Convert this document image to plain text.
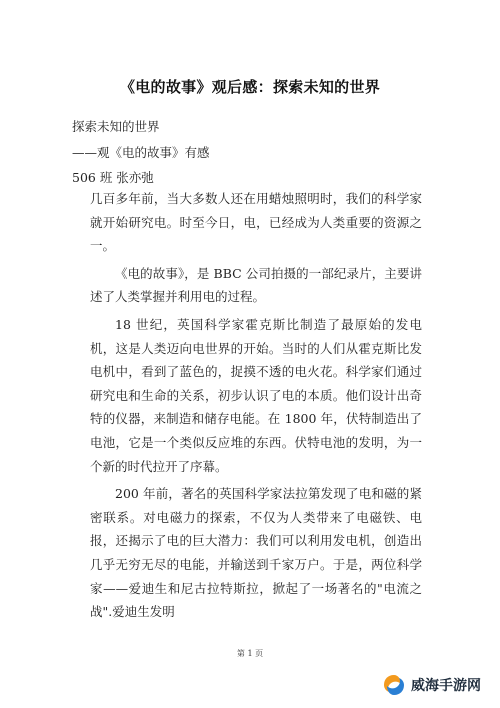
《电的故事》观后感：探索未知的世界
探索未知的世界
——观《电的故事》有感
506 班 张亦弛

几百多年前，当大多数人还在用蜡烛照明时，我们的科学家就开始研究电。时至今日，电，已经成为人类重要的资源之一。

《电的故事》，是 BBC 公司拍摄的一部纪录片，主要讲述了人类掌握并利用电的过程。

18 世纪，英国科学家霍克斯比制造了最原始的发电机，这是人类迈向电世界的开始。当时的人们从霍克斯比发电机中，看到了蓝色的，捉摸不透的电火花。科学家们通过研究电和生命的关系，初步认识了电的本质。他们设计出奇特的仪器，来制造和储存电能。在 1800 年，伏特制造出了电池，它是一个类似反应堆的东西。伏特电池的发明，为一个新的时代拉开了序幕。

200 年前，著名的英国科学家法拉第发现了电和磁的紧密联系。对电磁力的探索，不仅为人类带来了电磁铁、电报，还揭示了电的巨大潜力：我们可以利用发电机，创造出几乎无穷无尽的电能，并输送到千家万户。于是，两位科学家——爱迪生和尼古拉特斯拉，掀起了一场著名的"电流之战".爱迪生发明

第 1 页
威海手游网
